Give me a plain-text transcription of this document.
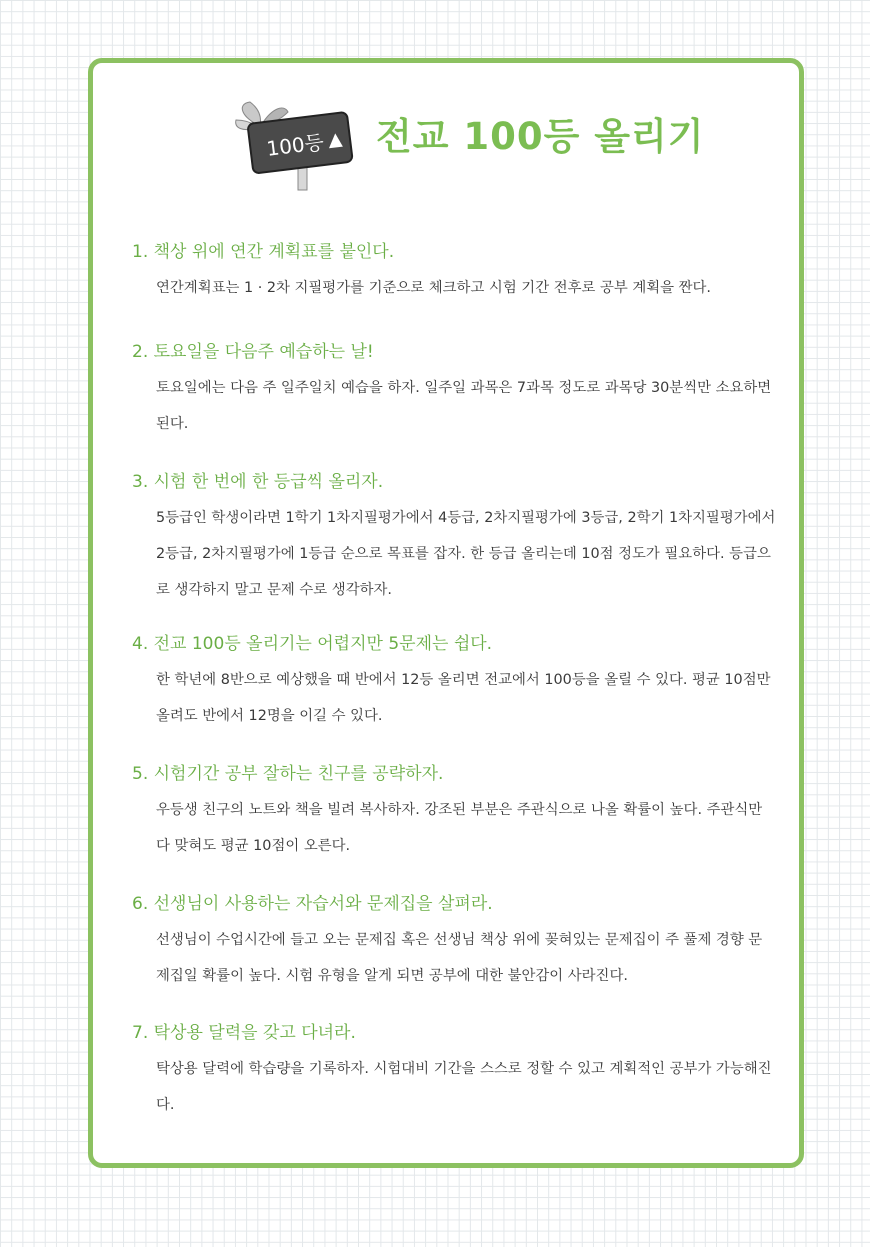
100등 전교 100등 올리기
1. 책상 위에 연간 계획표를 붙인다.

연간계획표는 1 · 2차 지필평가를 기준으로 체크하고 시험 기간 전후로 공부 계획을 짠다.

2. 토요일을 다음주 예습하는 날!

토요일에는 다음 주 일주일치 예습을 하자. 일주일 과목은 7과목 정도로 과목당 30분씩만 소요하면 된다.

3. 시험 한 번에 한 등급씩 올리자.

5등급인 학생이라면 1학기 1차지필평가에서 4등급, 2차지필평가에 3등급, 2학기 1차지필평가에서 2등급, 2차지필평가에 1등급 순으로 목표를 잡자. 한 등급 올리는데 10점 정도가 필요하다. 등급으로 생각하지 말고 문제 수로 생각하자.

4. 전교 100등 올리기는 어렵지만 5문제는 쉽다.

한 학년에 8반으로 예상했을 때 반에서 12등 올리면 전교에서 100등을 올릴 수 있다. 평균 10점만 올려도 반에서 12명을 이길 수 있다.

5. 시험기간 공부 잘하는 친구를 공략하자.

우등생 친구의 노트와 책을 빌려 복사하자. 강조된 부분은 주관식으로 나올 확률이 높다. 주관식만 다 맞혀도 평균 10점이 오른다.

6. 선생님이 사용하는 자습서와 문제집을 살펴라.

선생님이 수업시간에 들고 오는 문제집 혹은 선생님 책상 위에 꽂혀있는 문제집이 주 풀제 경향 문제집일 확률이 높다. 시험 유형을 알게 되면 공부에 대한 불안감이 사라진다.

7. 탁상용 달력을 갖고 다녀라.

탁상용 달력에 학습량을 기록하자. 시험대비 기간을 스스로 정할 수 있고 계획적인 공부가 가능해진다.
